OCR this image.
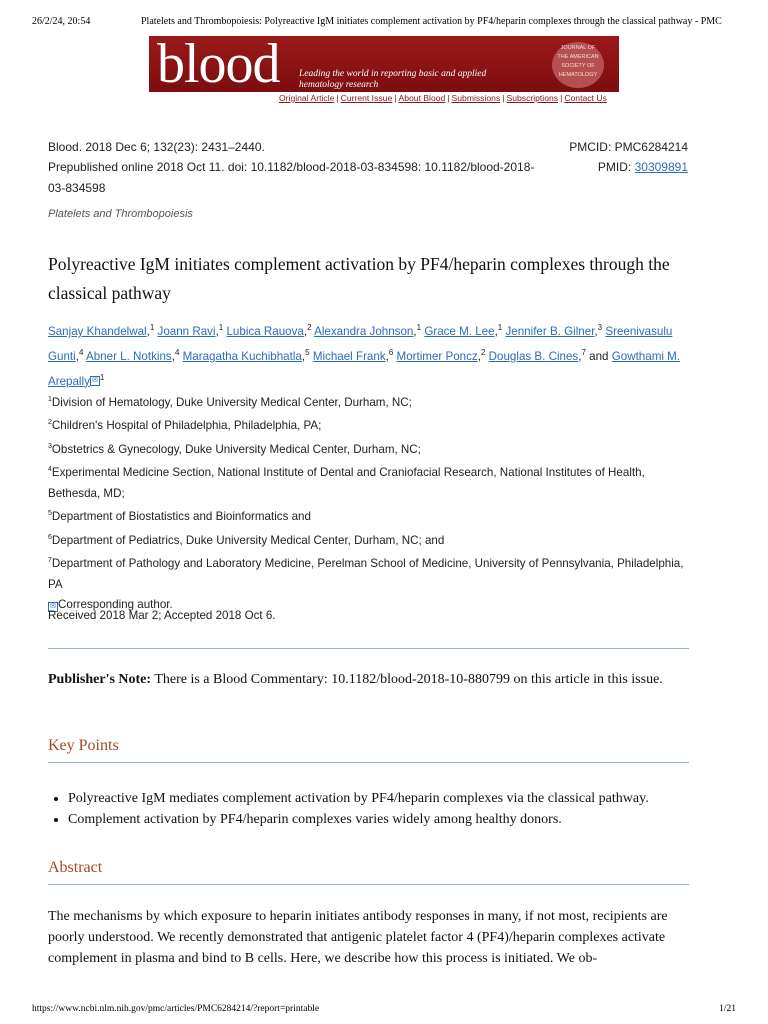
26/2/24, 20:54	Platelets and Thrombopoiesis: Polyreactive IgM initiates complement activation by PF4/heparin complexes through the classical pathway - PMC
blood Leading the world in reporting basic and applied hematology research
JOURNAL OF
THE AMERICAN
SOCIETY OF
HEMATOLOGY
Original Article | Current Issue | About Blood | Submissions | Subscriptions | Contact Us
Blood. 2018 Dec 6; 132(23): 2431–2440.
Prepublished online 2018 Oct 11. doi: 10.1182/blood-2018-03-834598: 10.1182/blood-2018-
03-834598
PMCID: PMC6284214
PMID: 30309891
Platelets and Thrombopoiesis
Polyreactive IgM initiates complement activation by PF4/heparin complexes through the classical pathway
Sanjay Khandelwal,$^1$ Joann Ravi,$^1$ Lubica Rauova,$^2$ Alexandra Johnson,$^1$ Grace M. Lee,$^1$ Jennifer B. Gilner,$^3$ Sreenivasulu Gunti,$^4$ Abner L. Notkins,$^4$ Maragatha Kuchibhatla,$^5$ Michael Frank,$^6$ Mortimer Poncz,$^2$ Douglas B. Cines,$^7$ and Gowthami M. Arepally ✉ $^1$
$^1$Division of Hematology, Duke University Medical Center, Durham, NC;
$^2$Children's Hospital of Philadelphia, Philadelphia, PA;
$^3$Obstetrics & Gynecology, Duke University Medical Center, Durham, NC;
$^4$Experimental Medicine Section, National Institute of Dental and Craniofacial Research, National Institutes of Health, Bethesda, MD;
$^5$Department of Biostatistics and Bioinformatics and
$^6$Department of Pediatrics, Duke University Medical Center, Durham, NC; and
$^7$Department of Pathology and Laboratory Medicine, Perelman School of Medicine, University of Pennsylvania, Philadelphia, PA
✉ Corresponding author.
Received 2018 Mar 2; Accepted 2018 Oct 6.
Publisher's Note: There is a Blood Commentary: 10.1182/blood-2018-10-880799 on this article in this issue.
Key Points
• Polyreactive IgM mediates complement activation by PF4/heparin complexes via the classical pathway.
• Complement activation by PF4/heparin complexes varies widely among healthy donors.
Abstract
The mechanisms by which exposure to heparin initiates antibody responses in many, if not most, recipients are poorly understood. We recently demonstrated that antigenic platelet factor 4 (PF4)/heparin complexes activate complement in plasma and bind to B cells. Here, we describe how this process is initiated. We ob-
https://www.ncbi.nlm.nih.gov/pmc/articles/PMC6284214/?report=printable	1/21
